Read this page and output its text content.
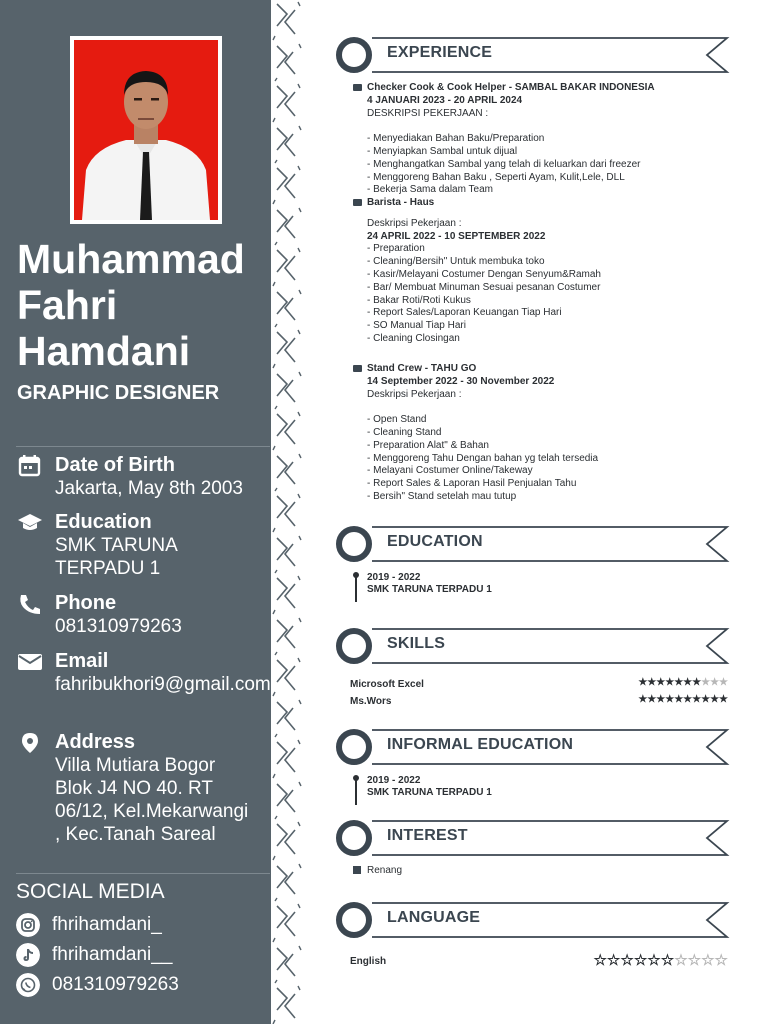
Muhammad
Fahri
Hamdani
GRAPHIC DESIGNER
Date of Birth
Jakarta, May 8th 2003
Education
SMK TARUNA TERPADU 1
Phone
081310979263
Email
fahribukhori9@gmail.com
Address
Villa Mutiara Bogor Blok J4 NO 40. RT 06/12, Kel.Mekarwangi , Kec.Tanah Sareal
SOCIAL MEDIA
fhrihamdani_
fhrihamdani__
081310979263
EXPERIENCE
Checker Cook & Cook Helper - SAMBAL BAKAR INDONESIA
4 JANUARI 2023 - 20 APRIL 2024
DESKRIPSI PEKERJAAN :
- Menyediakan Bahan Baku/Preparation
- Menyiapkan Sambal untuk dijual
- Menghangatkan Sambal yang telah di keluarkan dari freezer
- Menggoreng Bahan Baku , Seperti Ayam, Kulit,Lele, DLL
- Bekerja Sama dalam Team
Barista - Haus
Deskripsi Pekerjaan :
24 APRIL 2022 - 10 SEPTEMBER 2022
- Preparation
- Cleaning/Bersih" Untuk membuka toko
- Kasir/Melayani Costumer Dengan Senyum&Ramah
- Bar/ Membuat Minuman Sesuai pesanan Costumer
- Bakar Roti/Roti Kukus
- Report Sales/Laporan Keuangan Tiap Hari
- SO Manual Tiap Hari
- Cleaning Closingan
Stand Crew - TAHU GO
14 September 2022 - 30 November 2022
Deskripsi Pekerjaan :
- Open Stand
- Cleaning Stand
- Preparation Alat" & Bahan
- Menggoreng Tahu Dengan bahan yg telah tersedia
- Melayani Costumer Online/Takeway
- Report Sales & Laporan Hasil Penjualan Tahu
- Bersih" Stand setelah mau tutup
EDUCATION
2019 - 2022
SMK TARUNA TERPADU 1
SKILLS
Microsoft Excel	★★★★★★★★★★
Ms.Wors	★★★★★★★★★★
INFORMAL EDUCATION
2019 - 2022
SMK TARUNA TERPADU 1
INTEREST
Renang
LANGUAGE
English	☆☆☆☆☆☆☆☆☆☆
